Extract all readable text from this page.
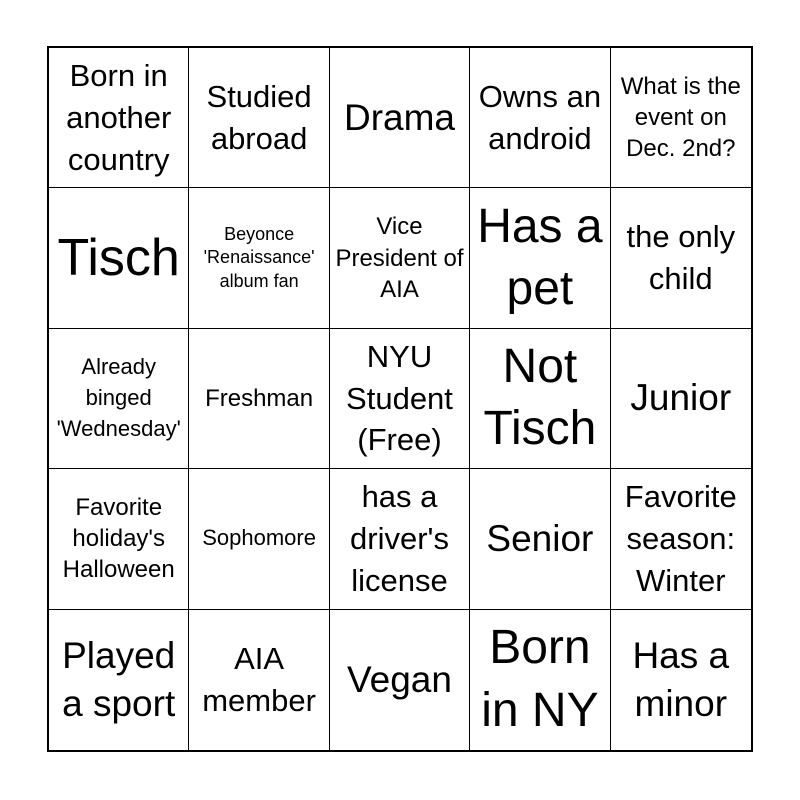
Born in another country
Studied abroad
Drama
Owns an android
What is the event on Dec. 2nd?
Tisch	Beyonce 'Renaissance' album fan
Vice President of AIA
Has a pet
the only child
Already binged 'Wednesday'
Freshman
NYU Student (Free)
Not Tisch
Junior
Favorite holiday's Halloween
Sophomore
has a driver's license
Senior
Favorite season: Winter
Played a sport
AIA member
Vegan
Born in NY
Has a minor
